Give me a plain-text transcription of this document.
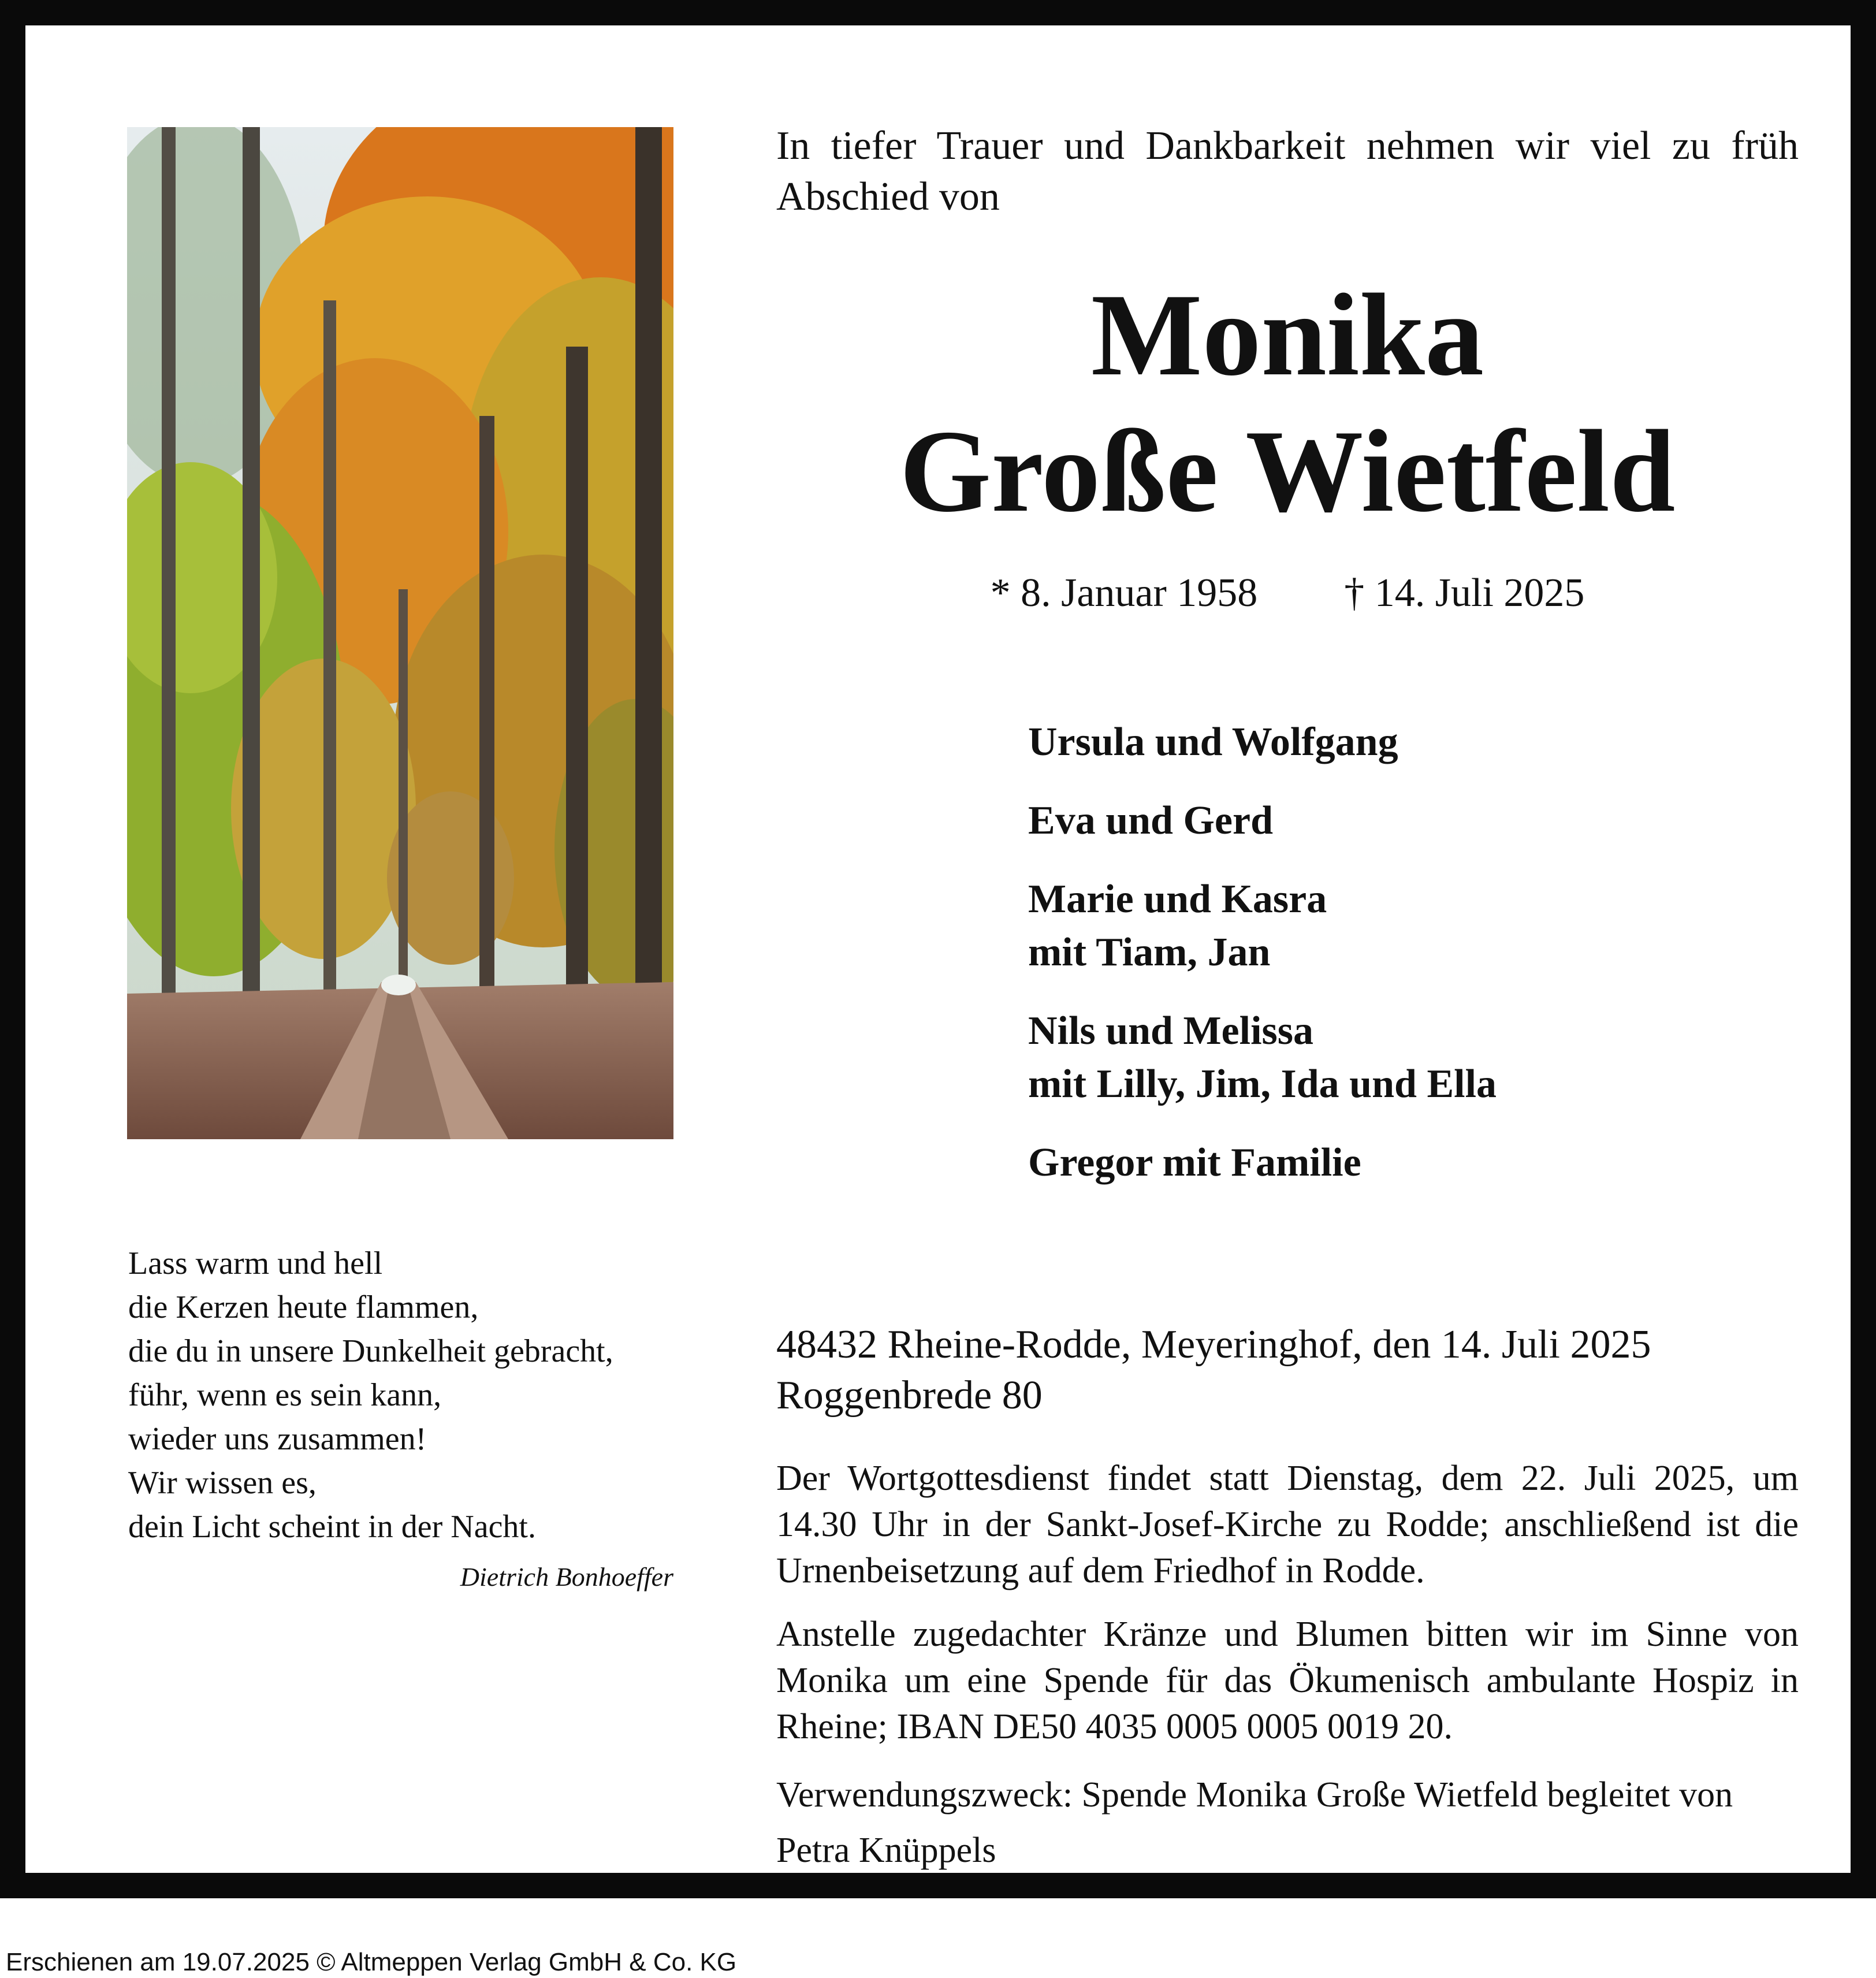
In tiefer Trauer und Dankbarkeit nehmen wir viel zu früh Abschied von
Monika
Große Wietfeld
* 8. Januar 1958 † 14. Juli 2025
Ursula und Wolfgang
Eva und Gerd
Marie und Kasra
mit Tiam, Jan
Nils und Melissa
mit Lilly, Jim, Ida und Ella
Gregor mit Familie
Lass warm und hell
die Kerzen heute flammen,
die du in unsere Dunkelheit gebracht,
führ, wenn es sein kann,
wieder uns zusammen!
Wir wissen es,
dein Licht scheint in der Nacht.
Dietrich Bonhoeffer
48432 Rheine-Rodde, Meyeringhof, den 14. Juli 2025
Roggenbrede 80
Der Wortgottesdienst findet statt Dienstag, dem 22. Juli 2025, um 14.30 Uhr in der Sankt-Josef-Kirche zu Rodde; anschließend ist die Urnenbeisetzung auf dem Friedhof in Rodde.
Anstelle zugedachter Kränze und Blumen bitten wir im Sinne von Monika um eine Spende für das Ökumenisch ambulante Hospiz in Rheine; IBAN DE50 4035 0005 0005 0019 20.
Verwendungszweck: Spende Monika Große Wietfeld begleitet von Petra Knüppels
Erschienen am 19.07.2025 © Altmeppen Verlag GmbH & Co. KG
